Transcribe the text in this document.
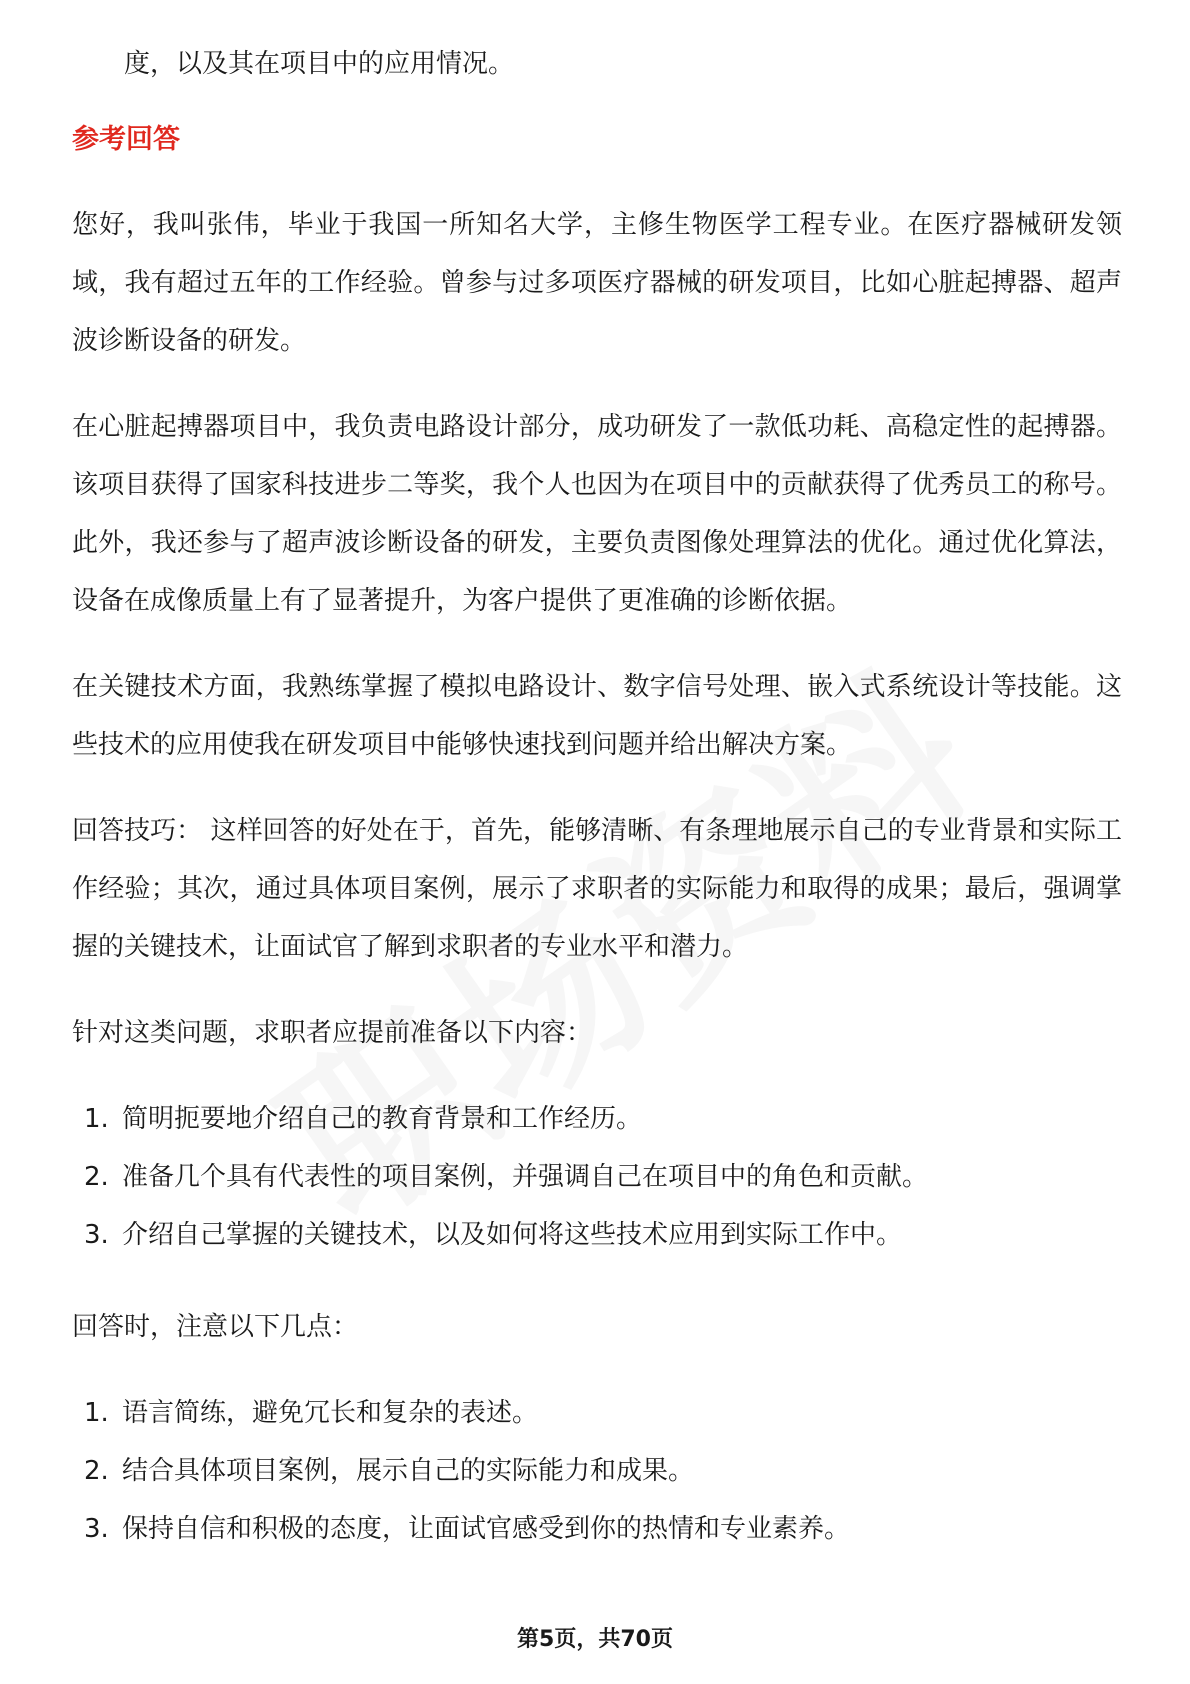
度，以及其在项目中的应用情况。
参考回答

您好，我叫张伟，毕业于我国一所知名大学，主修生物医学工程专业。在医疗器械研发领域，我有超过五年的工作经验。曾参与过多项医疗器械的研发项目，比如心脏起搏器、超声波诊断设备的研发。

在心脏起搏器项目中，我负责电路设计部分，成功研发了一款低功耗、高稳定性的起搏器。该项目获得了国家科技进步二等奖，我个人也因为在项目中的贡献获得了优秀员工的称号。此外，我还参与了超声波诊断设备的研发，主要负责图像处理算法的优化。通过优化算法，设备在成像质量上有了显著提升，为客户提供了更准确的诊断依据。

在关键技术方面，我熟练掌握了模拟电路设计、数字信号处理、嵌入式系统设计等技能。这些技术的应用使我在研发项目中能够快速找到问题并给出解决方案。

回答技巧： 这样回答的好处在于，首先，能够清晰、有条理地展示自己的专业背景和实际工作经验；其次，通过具体项目案例，展示了求职者的实际能力和取得的成果；最后，强调掌握的关键技术，让面试官了解到求职者的专业水平和潜力。

针对这类问题，求职者应提前准备以下内容：

1. 简明扼要地介绍自己的教育背景和工作经历。
2. 准备几个具有代表性的项目案例，并强调自己在项目中的角色和贡献。
3. 介绍自己掌握的关键技术，以及如何将这些技术应用到实际工作中。

回答时，注意以下几点：

1. 语言简练，避免冗长和复杂的表述。
2. 结合具体项目案例，展示自己的实际能力和成果。
3. 保持自信和积极的态度，让面试官感受到你的热情和专业素养。
第5页，共70页
